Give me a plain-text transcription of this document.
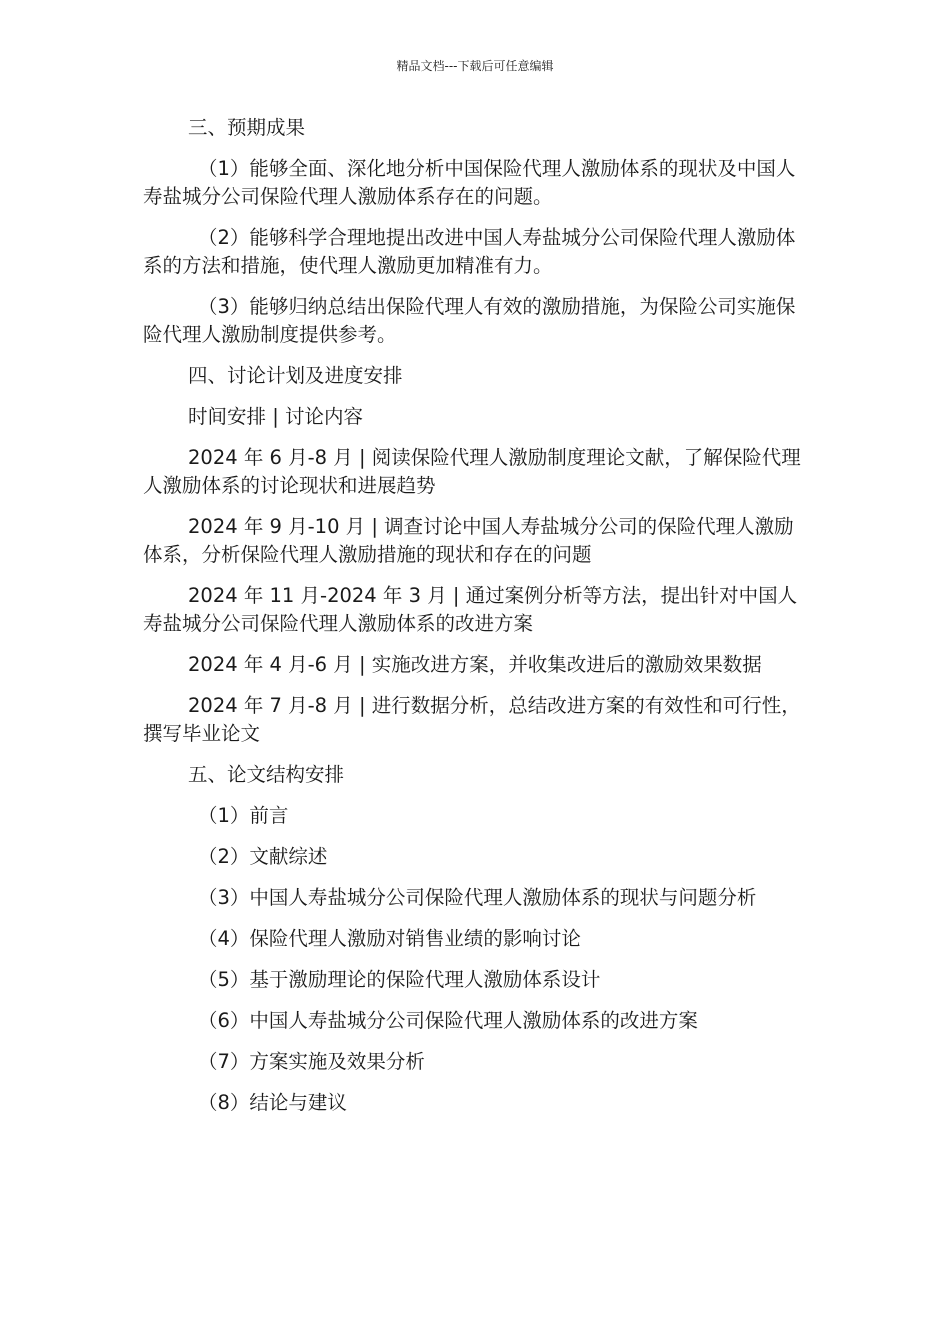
精品文档---下载后可任意编辑

三、预期成果

（1）能够全面、深化地分析中国保险代理人激励体系的现状及中国人寿盐城分公司保险代理人激励体系存在的问题。

（2）能够科学合理地提出改进中国人寿盐城分公司保险代理人激励体系的方法和措施，使代理人激励更加精准有力。

（3）能够归纳总结出保险代理人有效的激励措施，为保险公司实施保险代理人激励制度提供参考。

四、讨论计划及进度安排

时间安排 | 讨论内容

2024 年 6 月-8 月 | 阅读保险代理人激励制度理论文献，了解保险代理人激励体系的讨论现状和进展趋势

2024 年 9 月-10 月 | 调查讨论中国人寿盐城分公司的保险代理人激励体系，分析保险代理人激励措施的现状和存在的问题

2024 年 11 月-2024 年 3 月 | 通过案例分析等方法，提出针对中国人寿盐城分公司保险代理人激励体系的改进方案

2024 年 4 月-6 月 | 实施改进方案，并收集改进后的激励效果数据

2024 年 7 月-8 月 | 进行数据分析，总结改进方案的有效性和可行性，撰写毕业论文

五、论文结构安排

（1）前言

（2）文献综述

（3）中国人寿盐城分公司保险代理人激励体系的现状与问题分析

（4）保险代理人激励对销售业绩的影响讨论

（5）基于激励理论的保险代理人激励体系设计

（6）中国人寿盐城分公司保险代理人激励体系的改进方案

（7）方案实施及效果分析

（8）结论与建议
